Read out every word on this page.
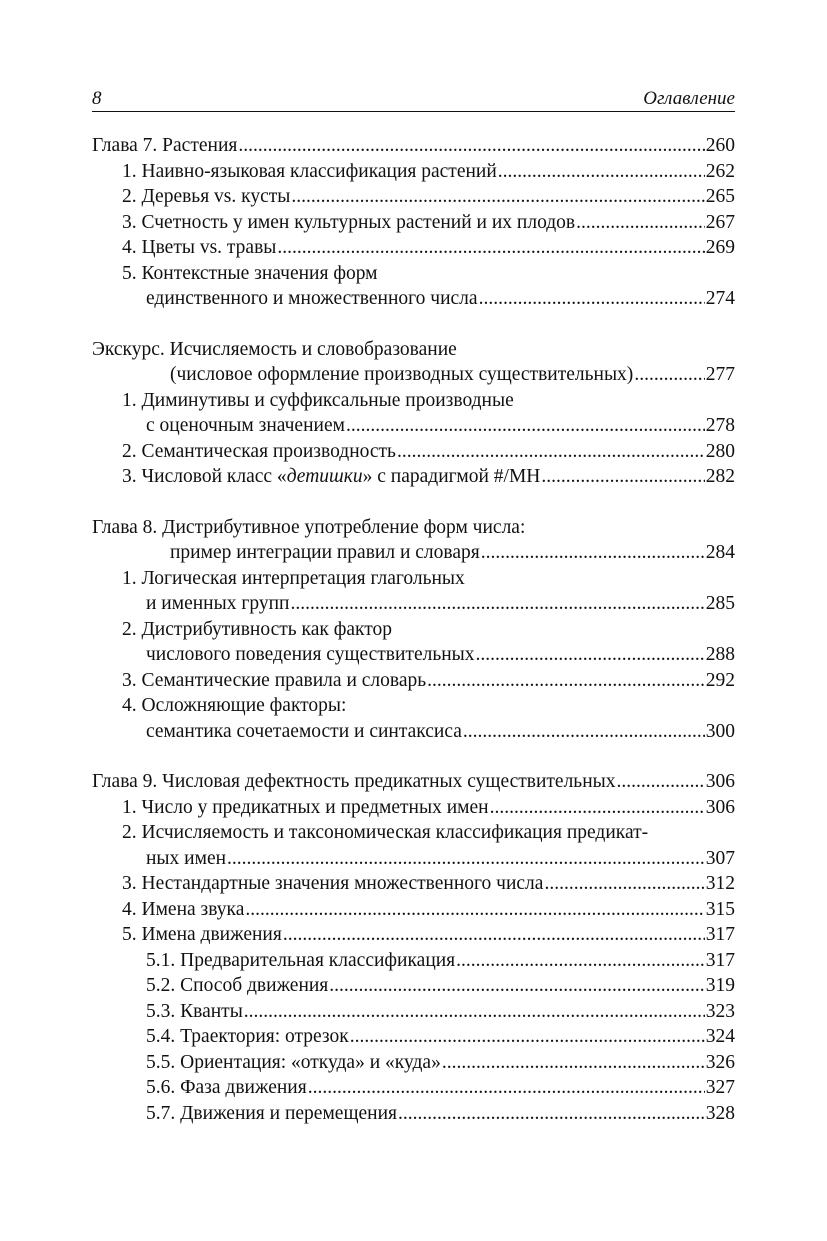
8	Оглавление
Глава 7. Растения .....	260
1. Наивно-языковая классификация растений .....	262
2. Деревья vs. кусты .....	265
3. Счетность у имен культурных растений и их плодов .....	267
4. Цветы vs. травы .....	269
5. Контекстные значения форм
единственного и множественного числа .....	274
Экскурс. Исчисляемость и словобразование
(числовое оформление производных существительных) .....	277
1. Диминутивы и суффиксальные производные
с оценочным значением .....	278
2. Семантическая производность .....	280
3. Числовой класс «детишки» с парадигмой #/МН .....	282
Глава 8. Дистрибутивное употребление форм числа:
пример интеграции правил и словаря .....	284
1. Логическая интерпретация глагольных
и именных групп .....	285
2. Дистрибутивность как фактор
числового поведения существительных .....	288
3. Семантические правила и словарь .....	292
4. Осложняющие факторы:
семантика сочетаемости и синтаксиса .....	300
Глава 9. Числовая дефектность предикатных существительных .....	306
1. Число у предикатных и предметных имен .....	306
2. Исчисляемость и таксономическая классификация предикат-
ных имен .....	307
3. Нестандартные значения множественного числа .....	312
4. Имена звука .....	315
5. Имена движения .....	317
5.1. Предварительная классификация .....	317
5.2. Способ движения .....	319
5.3. Кванты .....	323
5.4. Траектория: отрезок .....	324
5.5. Ориентация: «откуда» и «куда» .....	326
5.6. Фаза движения .....	327
5.7. Движения и перемещения .....	328
